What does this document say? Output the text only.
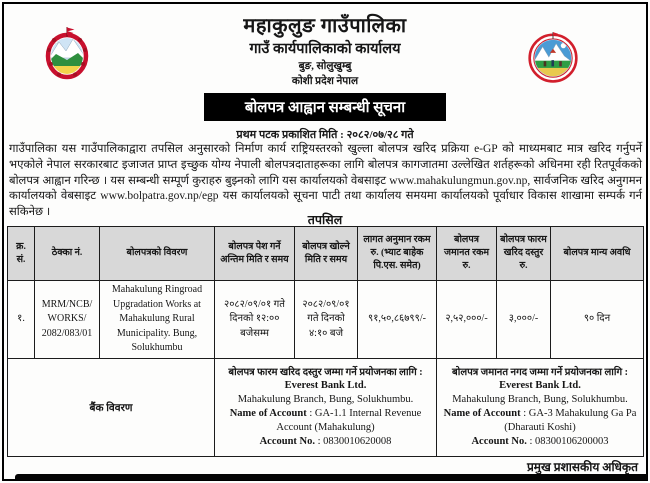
महाकुलुङ गाउँपालिका
गाउँ कार्यपालिकाको कार्यालय
बुङ, सोलुखुम्बु
कोशी प्रदेश नेपाल
बोलपत्र आह्वान सम्बन्धी सूचना
प्रथम पटक प्रकाशित मिति : २०८२/०७/२८ गते

गाउँपालिका यस गाउँपालिकाद्वारा तपसिल अनुसारको निर्माण कार्य राष्ट्रियस्तरको खुल्ला बोलपत्र खरिद प्रक्रिया e-GP को माध्यमबाट मात्र खरिद गर्नुपर्ने भएकोले नेपाल सरकारबाट इजाजत प्राप्त इच्छुक योग्य नेपाली बोलपत्रदाताहरूका लागि बोलपत्र कागजातमा उल्लेखित शर्तहरूको अधिनमा रही रितपूर्वकको बोलपत्र आह्वान गरिन्छ । यस सम्बन्धी सम्पूर्ण कुराहरु बुझ्नको लागि यस कार्यालयको वेबसाइट www.mahakulungmun.gov.np, सार्वजनिक खरिद अनुगमन कार्यालयको वेबसाइट www.bolpatra.gov.np/egp यस कार्यालयको सूचना पाटी तथा कार्यालय समयमा कार्यालयको पूर्वाधार विकास शाखामा सम्पर्क गर्न सकिनेछ ।

तपसिल
क्र. सं.	ठेक्का नं.	बोलपत्रको विवरण	बोलपत्र पेश गर्ने अन्तिम मिति र समय	बोलपत्र खोल्ने मिति र समय	लागत अनुमान रकम रु. (भ्याट बाहेक पि.एस. समेत)	बोलपत्र जमानत रकम रु.	बोलपत्र फारम खरिद दस्तुर रु.	बोलपत्र मान्य अवधि
१.	MRM/NCB/ WORKS/ 2082/083/01	Mahakulung Ringroad Upgradation Works at Mahakulung Rural Municipality. Bung, Solukhumbu	२०८२/०९/०१ गते दिनको १२:०० बजेसम्म	२०८२/०९/०१ गते दिनको ४:१० बजे	९१,५०,८६७९९/-	२,५२,०००/-	३,०००/-	९० दिन
बैंक विवरण	
बोलपत्र फारम खरिद दस्तुर जम्मा गर्ने प्रयोजनका लागि :
Everest Bank Ltd.
Mahakulung Branch, Bung, Solukhumbu.
Name of Account : GA-1.1 Internal Revenue Account (Mahakulung)
Account No. : 0830010620008

बोलपत्र जमानत नगद जम्मा गर्ने प्रयोजनका लागि :
Everest Bank Ltd.
Mahakulung Branch, Bung, Solukhumbu.
Name of Account : GA-3 Mahakulung Ga Pa (Dharauti Koshi)
Account No. : 08300106200003
प्रमुख प्रशासकीय अधिकृत
